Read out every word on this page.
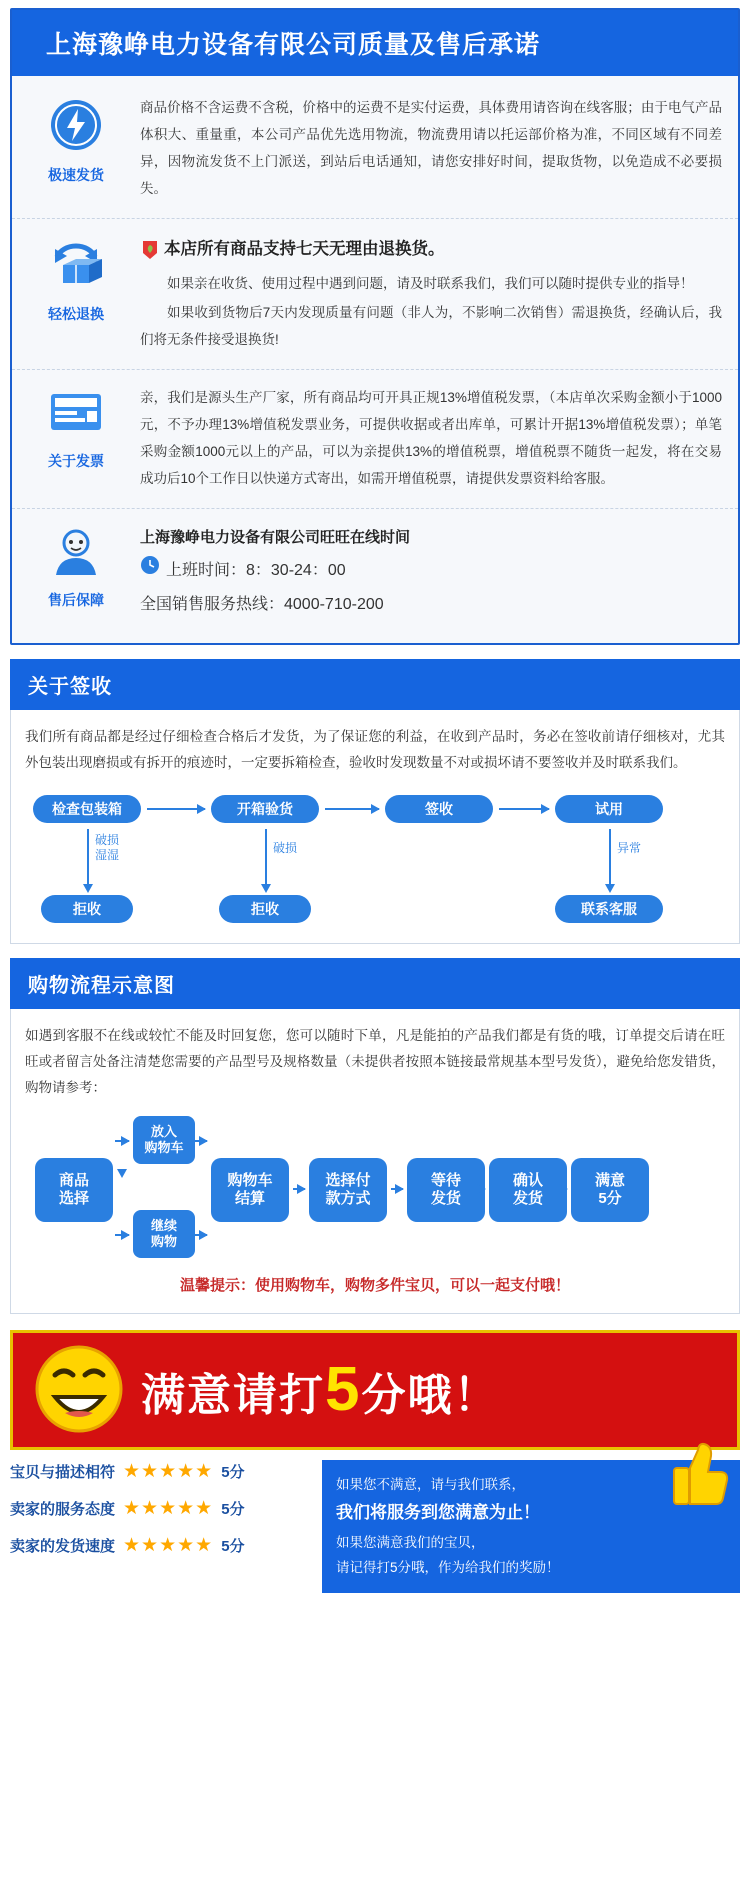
上海豫峥电力设备有限公司质量及售后承诺
极速发货

商品价格不含运费不含税，价格中的运费不是实付运费，具体费用请咨询在线客服；由于电气产品体积大、重量重，本公司产品优先选用物流，物流费用请以托运部价格为准，不同区域有不同差异，因物流发货不上门派送，到站后电话通知，请您安排好时间，提取货物，以免造成不必要损失。

轻松退换
本店所有商品支持七天无理由退换货。

如果亲在收货、使用过程中遇到问题，请及时联系我们，我们可以随时提供专业的指导！

如果收到货物后7天内发现质量有问题（非人为，不影响二次销售）需退换货，经确认后，我们将无条件接受退换货!

关于发票

亲，我们是源头生产厂家，所有商品均可开具正规13%增值税发票，（本店单次采购金额小于1000元，不予办理13%增值税发票业务，可提供收据或者出库单，可累计开据13%增值税发票）；单笔采购金额1000元以上的产品，可以为亲提供13%的增值税票，增值税票不随货一起发，将在交易成功后10个工作日以快递方式寄出，如需开增值税票，请提供发票资料给客服。

售后保障

上海豫峥电力设备有限公司旺旺在线时间

上班时间：8：30-24：00

全国销售服务热线：4000-710-200

关于签收
我们所有商品都是经过仔细检查合格后才发货，为了保证您的利益，在收到产品时，务必在签收前请仔细核对，尤其外包装出现磨损或有拆开的痕迹时，一定要拆箱检查，验收时发现数量不对或损坏请不要签收并及时联系我们。
检查包装箱	开箱验货	签收	试用
破损
湿湿	破损	异常
拒收	拒收	联系客服
购物流程示意图
如遇到客服不在线或较忙不能及时回复您，您可以随时下单，凡是能拍的产品我们都是有货的哦，订单提交后请在旺旺或者留言处备注清楚您需要的产品型号及规格数量（未提供者按照本链接最常规基本型号发货），避免给您发错货，购物请参考：
商品
选择
放入
购物车
继续
购物
购物车
结算
选择付
款方式
等待
发货
确认
发货
满意
5分
温馨提示：使用购物车，购物多件宝贝，可以一起支付哦！
满意请打5分哦！
宝贝与描述相符 ★★★★★ 5分
卖家的服务态度 ★★★★★ 5分
卖家的发货速度 ★★★★★ 5分
如果您不满意，请与我们联系，
我们将服务到您满意为止！
如果您满意我们的宝贝，
请记得打5分哦，作为给我们的奖励！
